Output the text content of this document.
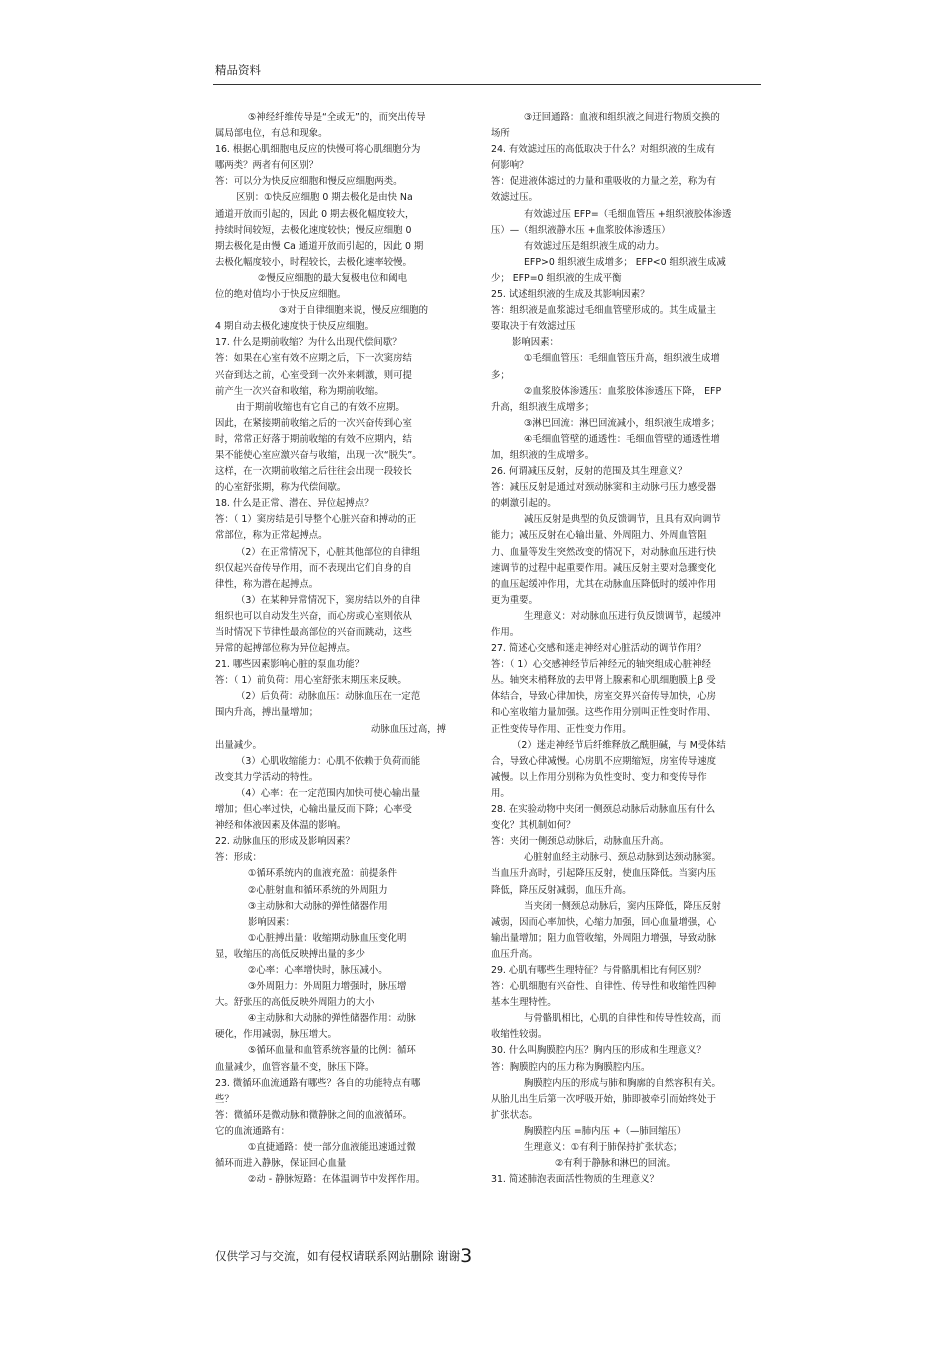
精品资料

⑤神经纤维传导是“全或无”的，而突出传导

属局部电位，有总和现象。

16. 根据心肌细胞电反应的快慢可将心肌细胞分为

哪两类？两者有何区别？

答：可以分为快反应细胞和慢反应细胞两类。

区别：①快反应细胞 0 期去极化是由快 Na

通道开放而引起的，因此 0 期去极化幅度较大，

持续时间较短，去极化速度较快；慢反应细胞 0

期去极化是由慢 Ca 通道开放而引起的，因此 0 期

去极化幅度较小，时程较长，去极化速率较慢。

②慢反应细胞的最大复极电位和阈电

位的绝对值均小于快反应细胞。

③对于自律细胞来说，慢反应细胞的

4 期自动去极化速度快于快反应细胞。

17. 什么是期前收缩？为什么出现代偿间歇？

答：如果在心室有效不应期之后，下一次窦房结

兴奋到达之前，心室受到一次外来刺激，则可提

前产生一次兴奋和收缩，称为期前收缩。

由于期前收缩也有它自己的有效不应期。

因此，在紧接期前收缩之后的一次兴奋传到心室

时，常常正好落于期前收缩的有效不应期内，结

果不能使心室应激兴奋与收缩，出现一次“脱失”。

这样，在一次期前收缩之后往往会出现一段较长

的心室舒张期，称为代偿间歇。

18. 什么是正常、潜在、异位起搏点？

答：（ 1）窦房结是引导整个心脏兴奋和搏动的正

常部位，称为正常起搏点。

（2）在正常情况下，心脏其他部位的自律组

织仅起兴奋传导作用，而不表现出它们自身的自

律性，称为潜在起搏点。

（3）在某种异常情况下，窦房结以外的自律

组织也可以自动发生兴奋，而心房或心室则依从

当时情况下节律性最高部位的兴奋而跳动，这些

异常的起搏部位称为异位起搏点。

21. 哪些因素影响心脏的泵血功能？

答：（ 1）前负荷：用心室舒张末期压来反映。

（2）后负荷：动脉血压：动脉血压在一定范

围内升高，搏出量增加；

动脉血压过高，搏

出量减少。

（3）心肌收缩能力：心肌不依赖于负荷而能

改变其力学活动的特性。

（4）心率：在一定范围内加快可使心输出量

增加；但心率过快，心输出量反而下降；心率受

神经和体液因素及体温的影响。

22. 动脉血压的形成及影响因素？

答：形成：

①循环系统内的血液充盈：前提条件

②心脏射血和循环系统的外周阻力

③主动脉和大动脉的弹性储器作用

影响因素：

①心脏搏出量：收缩期动脉血压变化明

显，收缩压的高低反映搏出量的多少

②心率：心率增快时，脉压减小。

③外周阻力：外周阻力增强时，脉压增

大。舒张压的高低反映外周阻力的大小

④主动脉和大动脉的弹性储器作用：动脉

硬化，作用减弱，脉压增大。

⑤循环血量和血管系统容量的比例：循环

血量减少，血管容量不变，脉压下降。

23. 微循环血流通路有哪些？各自的功能特点有哪

些？

答：微循环是微动脉和微静脉之间的血液循环。

它的血流通路有：

①直捷通路：使一部分血液能迅速通过微

循环而进入静脉，保证回心血量

②动 - 静脉短路：在体温调节中发挥作用。

③迂回通路：血液和组织液之间进行物质交换的

场所

24. 有效滤过压的高低取决于什么？对组织液的生成有

何影响？

答：促进液体滤过的力量和重吸收的力量之差，称为有

效滤过压。

有效滤过压 EFP=（毛细血管压 +组织液胶体渗透

压）—（组织液静水压 +血浆胶体渗透压）

有效滤过压是组织液生成的动力。

EFP>0 组织液生成增多； EFP<0 组织液生成减

少； EFP=0 组织液的生成平衡

25. 试述组织液的生成及其影响因素？

答：组织液是血浆滤过毛细血管壁形成的。其生成量主

要取决于有效滤过压

影响因素：

①毛细血管压：毛细血管压升高，组织液生成增

多；

②血浆胶体渗透压：血浆胶体渗透压下降， EFP

升高，组织液生成增多；

③淋巴回流：淋巴回流减小，组织液生成增多；

④毛细血管壁的通透性：毛细血管壁的通透性增

加，组织液的生成增多。

26. 何谓减压反射，反射的范围及其生理意义？

答：减压反射是通过对颈动脉窦和主动脉弓压力感受器

的刺激引起的。

减压反射是典型的负反馈调节，且具有双向调节

能力；减压反射在心输出量、外周阻力、外周血管阻

力、血量等发生突然改变的情况下，对动脉血压进行快

速调节的过程中起重要作用。减压反射主要对急骤变化

的血压起缓冲作用，尤其在动脉血压降低时的缓冲作用

更为重要。

生理意义：对动脉血压进行负反馈调节，起缓冲

作用。

27. 简述心交感和迷走神经对心脏活动的调节作用？

答：（ 1）心交感神经节后神经元的轴突组成心脏神经

丛。轴突末梢释放的去甲肾上腺素和心肌细胞膜上β 受

体结合，导致心律加快，房室交界兴奋传导加快，心房

和心室收缩力量加强。这些作用分别叫正性变时作用、

正性变传导作用、正性变力作用。

（2）迷走神经节后纤维释放乙酰胆碱，与 M受体结

合，导致心律减慢。心房肌不应期缩短，房室传导速度

减慢。以上作用分别称为负性变时、变力和变传导作

用。

28. 在实验动物中夹闭一侧颈总动脉后动脉血压有什么

变化？其机制如何？

答：夹闭一侧颈总动脉后，动脉血压升高。

心脏射血经主动脉弓、颈总动脉到达颈动脉窦。

当血压升高时，引起降压反射，使血压降低。当窦内压

降低，降压反射减弱，血压升高。

当夹闭一侧颈总动脉后，窦内压降低，降压反射

减弱，因而心率加快，心缩力加强，回心血量增强，心

输出量增加；阻力血管收缩，外周阻力增强，导致动脉

血压升高。

29. 心肌有哪些生理特征？与骨骼肌相比有何区别？

答：心肌细胞有兴奋性、自律性、传导性和收缩性四种

基本生理特性。

与骨骼肌相比，心肌的自律性和传导性较高，而

收缩性较弱。

30. 什么叫胸膜腔内压？胸内压的形成和生理意义？

答：胸膜腔内的压力称为胸膜腔内压。

胸膜腔内压的形成与肺和胸廓的自然容积有关。

从胎儿出生后第一次呼吸开始，肺即被牵引而始终处于

扩张状态。

胸膜腔内压 =肺内压 +（—肺回缩压）

生理意义：①有利于肺保持扩张状态；

②有利于静脉和淋巴的回流。

31. 简述肺泡表面活性物质的生理意义？

仅供学习与交流，如有侵权请联系网站删除 谢谢3
